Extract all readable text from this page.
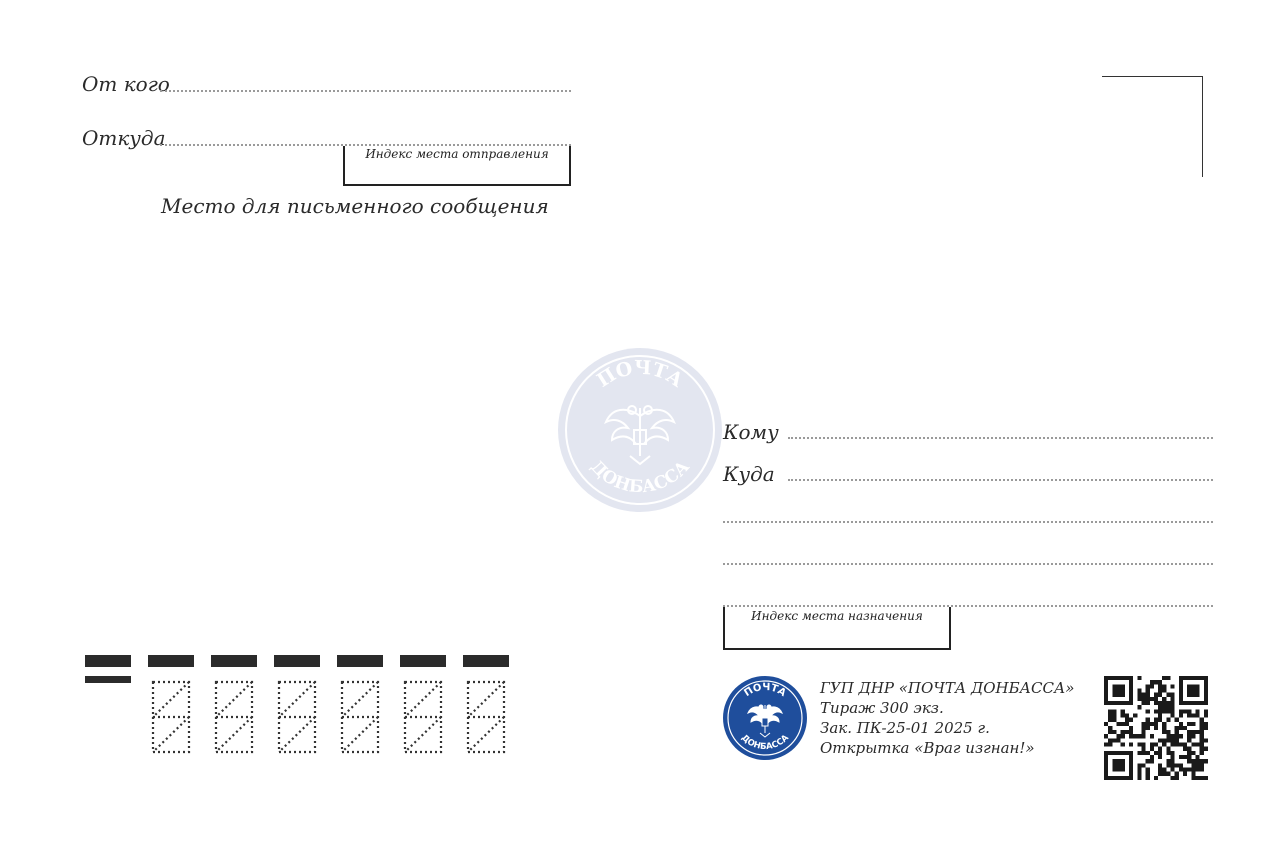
От кого
Откуда
Индекс места отправления
Место для письменного сообщения
ПОЧТА
ДОНБАССА
Кому
Куда
Индекс места назначения
ПОЧТА
ДОНБАССА
ГУП ДНР «ПОЧТА ДОНБАССА»
Тираж 300 экз.
Зак. ПК-25-01 2025 г.
Открытка «Враг изгнан!»
